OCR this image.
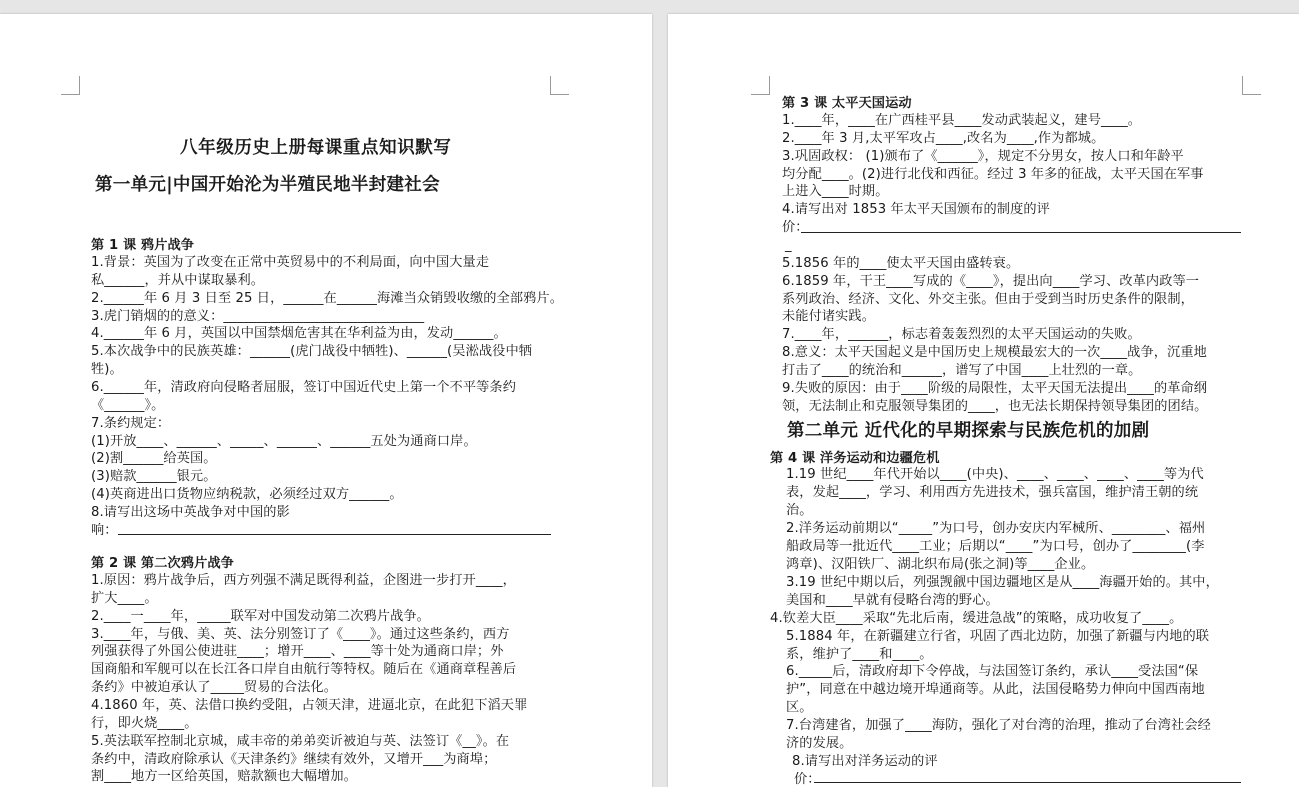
八年级历史上册每课重点知识默写
第一单元|中国开始沦为半殖民地半封建社会
第 1 课 鸦片战争
1.背景：英国为了改变在正常中英贸易中的不利局面，向中国大量走
私______，并从中谋取暴利。
2.______年 6 月 3 日至 25 日，______在______海滩当众销毁收缴的全部鸦片。
3.虎门销烟的的意义：______________________________
4.______年 6 月，英国以中国禁烟危害其在华利益为由，发动______。
5.本次战争中的民族英雄：______(虎门战役中牺牲)、______(吴淞战役中牺
牲)。
6.______年，清政府向侵略者屈服，签订中国近代史上第一个不平等条约
《______》。
7.条约规定：
(1)开放____、______、_____、______、______五处为通商口岸。
(2)割______给英国。
(3)赔款______银元。
(4)英商进出口货物应纳税款，必须经过双方______。
8.请写出这场中英战争对中国的影
响：
第 2 课 第二次鸦片战争
1.原因：鸦片战争后，西方列强不满足既得利益，企图进一步打开____，
扩大____。
2.____一____年，_____联军对中国发动第二次鸦片战争。
3.____年，与俄、美、英、法分别签订了《____》。通过这些条约，西方
列强获得了外国公使进驻____；增开____、____等十处为通商口岸；外
国商船和军舰可以在长江各口岸自由航行等特权。随后在《通商章程善后
条约》中被迫承认了_____贸易的合法化。
4.1860 年，英、法借口换约受阻，占领天津，进逼北京，在此犯下滔天罪
行，即火烧____。
5.英法联军控制北京城，咸丰帝的弟弟奕䜣被迫与英、法签订《__》。在
条约中，清政府除承认《天津条约》继续有效外，又增开___为商埠；
割____地方一区给英国，赔款额也大幅增加。
第 3 课 太平天国运动
1.____年，____在广西桂平县____发动武装起义，建号____。
2.____年 3 月,太平军攻占____,改名为____,作为都城。
3.巩固政权： (1)颁布了《______》，规定不分男女，按人口和年龄平
均分配____。(2)进行北伐和西征。经过 3 年多的征战，太平天国在军事
上进入____时期。
4.请写出对 1853 年太平天国颁布的制度的评
价：
_
5.1856 年的____使太平天国由盛转衰。
6.1859 年，干王____写成的《____》，提出向____学习、改革内政等一
系列政治、经济、文化、外交主张。但由于受到当时历史条件的限制，
未能付诸实践。
7.____年，______，标志着轰轰烈烈的太平天国运动的失败。
8.意义：太平天国起义是中国历史上规模最宏大的一次____战争，沉重地
打击了____的统治和______，谱写了中国____上壮烈的一章。
9.失败的原因：由于____阶级的局限性，太平天国无法提出____的革命纲
领，无法制止和克服领导集团的____，也无法长期保持领导集团的团结。
第二单元 近代化的早期探索与民族危机的加剧
第 4 课 洋务运动和边疆危机
1.19 世纪____年代开始以____(中央)、____、____、____、____等为代
表，发起____，学习、利用西方先进技术，强兵富国，维护清王朝的统
治。
2.洋务运动前期以“_____”为口号，创办安庆内军械所、________、福州
船政局等一批近代____工业；后期以“____”为口号，创办了________(李
鸿章)、汉阳铁厂、湖北织布局(张之洞)等____企业。
3.19 世纪中期以后，列强觊觎中国边疆地区是从____海疆开始的。其中，
美国和____早就有侵略台湾的野心。
4.钦差大臣____采取“先北后南，缓进急战”的策略，成功收复了____。
5.1884 年，在新疆建立行省，巩固了西北边防，加强了新疆与内地的联
系，维护了____和____。
6._____后，清政府却下令停战，与法国签订条约，承认____受法国“保
护”，同意在中越边境开埠通商等。从此，法国侵略势力伸向中国西南地
区。
7.台湾建省，加强了____海防，强化了对台湾的治理，推动了台湾社会经
济的发展。
8.请写出对洋务运动的评
价：
